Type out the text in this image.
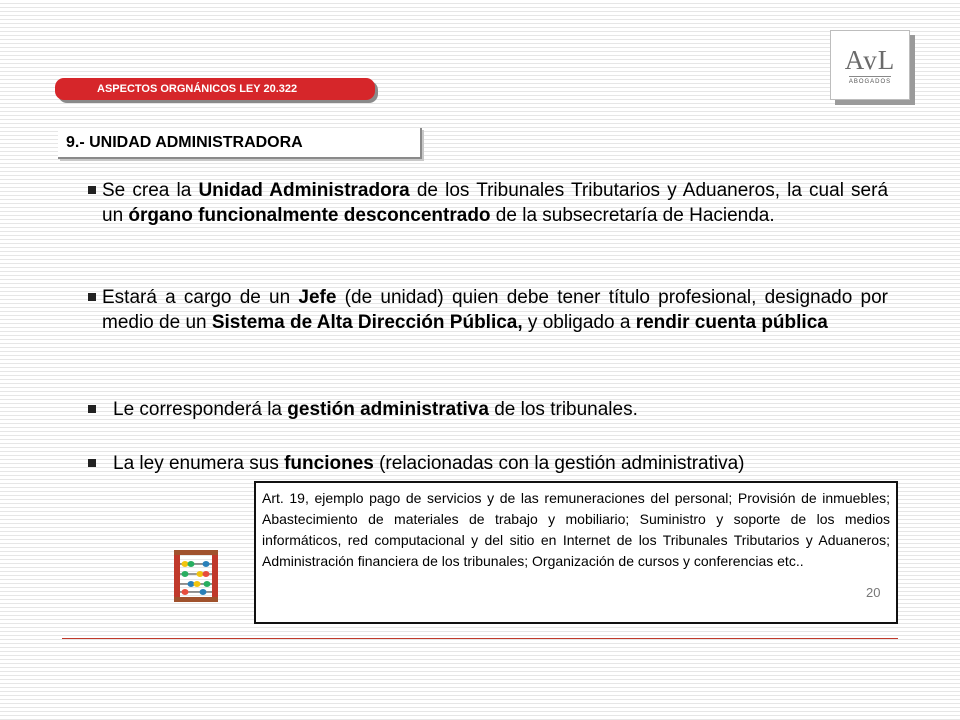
ASPECTOS ORGNÁNICOS LEY 20.322
9.- UNIDAD ADMINISTRADORA
AvL
ABOGADOS
Se crea la Unidad Administradora de los Tribunales Tributarios y Aduaneros, la cual será un órgano funcionalmente desconcentrado de la subsecretaría de Hacienda.
Estará a cargo de un Jefe (de unidad) quien debe tener título profesional, designado por medio de un Sistema de Alta Dirección Pública, y obligado a rendir cuenta pública
Le corresponderá la gestión administrativa de los tribunales.
La ley enumera sus funciones (relacionadas con la gestión administrativa)
Art. 19, ejemplo pago de servicios y de las remuneraciones del personal; Provisión de inmuebles; Abastecimiento de materiales de trabajo y mobiliario; Suministro y soporte de los medios informáticos, red computacional y del sitio en Internet de los Tribunales Tributarios y Aduaneros; Administración financiera de los tribunales; Organización de cursos y conferencias etc..
20
